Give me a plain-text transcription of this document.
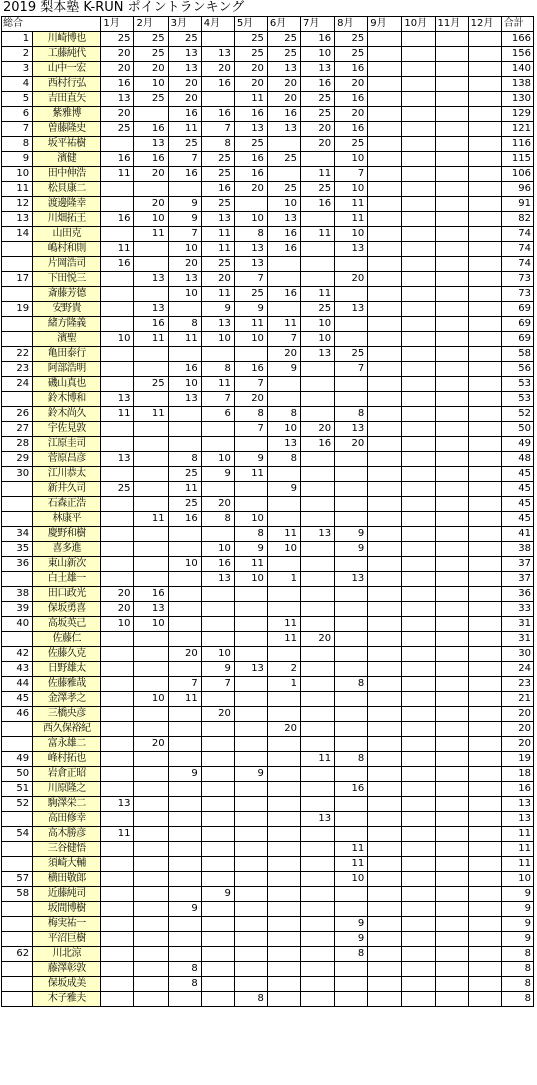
2019 梨本塾 K-RUN ポイントランキング
総合		1月	2月	3月	4月	5月	6月	7月	8月	9月	10月	11月	12月	合計
1	川崎博也	25	25	25		25	25	16	25					166
2	工藤純代	20	25	13	13	25	25	10	25					156
3	山中一宏	20	20	13	20	20	13	13	16					140
4	西村行弘	16	10	20	16	20	20	16	20					138
5	吉田直矢	13	25	20		11	20	25	16					130
6	紫雅博	20		16	16	16	16	25	20					129
7	曽藤隆史	25	16	11	7	13	13	20	16					121
8	坂平祐樹		13	25	8	25		20	25					116
9	濱健	16	16	7	25	16	25		10					115
10	田中伸浩	11	20	16	25	16		11	7					106
11	松貝康二				16	20	25	25	10					96
12	渡邊隆幸		20	9	25		10	16	11					91
13	川畑拓王	16	10	9	13	10	13		11					82
14	山田克		11	7	11	8	16	11	10					74
	嶋村和則	11		10	11	13	16		13					74
	片岡浩司	16		20	25	13								74
17	下田悦三		13	13	20	7			20					73
	斎藤芳德			10	11	25	16	11						73
19	安野貴		13		9	9		25	13					69
	緒方隆義		16	8	13	11	11	10						69
	濱聖	10	11	11	10	10	7	10						69
22	亀田泰行						20	13	25					58
23	阿部浩明			16	8	16	9		7					56
24	磯山真也		25	10	11	7								53
	鈴木博和	13		13	7	20								53
26	鈴木尚久	11	11		6	8	8		8					52
27	宇佐見敦					7	10	20	13					50
28	江原圭司						13	16	20					49
29	菅原昌彦	13		8	10	9	8							48
30	江川恭太			25	9	11								45
	新井久司	25		11			9							45
	石森正浩			25	20									45
	林康平		11	16	8	10								45
34	慶野和樹					8	11	13	9					41
35	喜多進				10	9	10		9					38
36	東山新次			10	16	11								37
	白土雄一				13	10	1		13					37
38	田口政光	20	16											36
39	保坂勇喜	20	13											33
40	高坂英己	10	10				11							31
	佐藤仁						11	20						31
42	佐藤久克			20	10									30
43	日野雄太				9	13	2							24
44	佐藤雅哉			7	7		1		8					23
45	金澤孝之		10	11										21
46	三橋央彦				20									20
	西久保裕紀						20							20
	富永雄二		20											20
49	峰村拓也							11	8					19
50	岩倉正昭			9		9								18
51	川原隆之								16					16
52	駒澤栄二	13												13
	高田修幸							13						13
54	高木勝彦	11												11
	三谷健悟								11					11
	須崎大輔								11					11
57	横田敬郎								10					10
58	近藤純司				9									9
	坂間博樹			9										9
	梅実祐一								9					9
	平沼巨樹								9					9
62	川北涼								8					8
	藤澤彰敦			8										8
	保坂成美			8										8
	木子雅夫					8								8
